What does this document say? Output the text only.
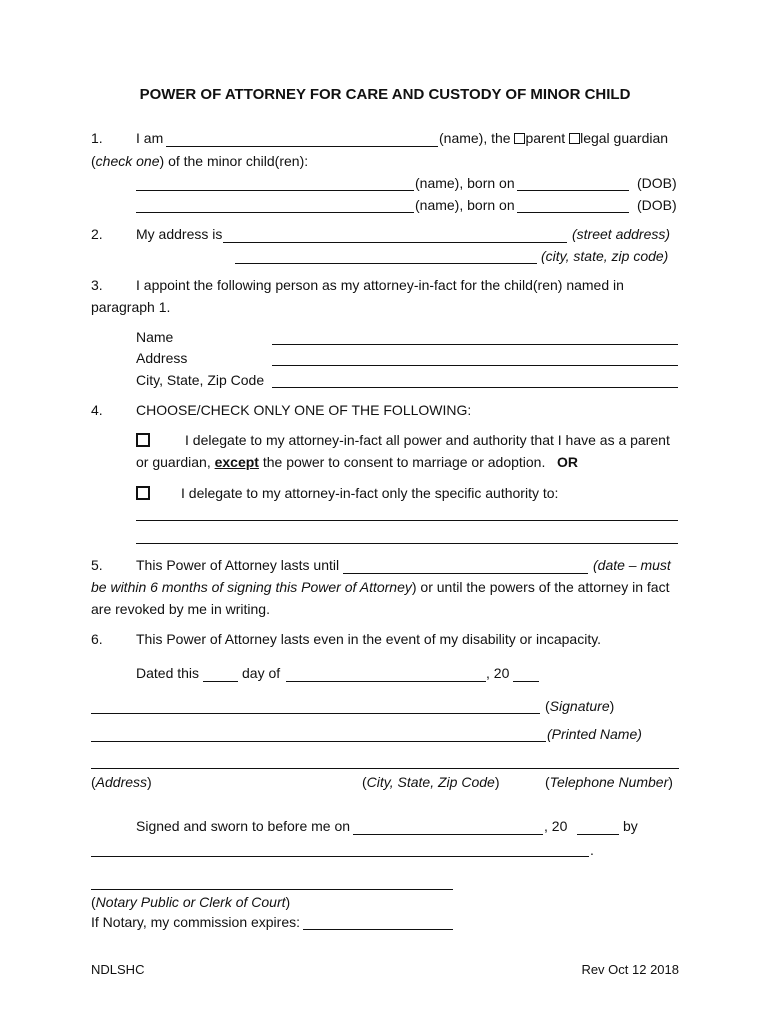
POWER OF ATTORNEY FOR CARE AND CUSTODY OF MINOR CHILD
1. I am	(name), the parent legal guardian
(check one) of the minor child(ren):
(name), born on	(DOB)
(name), born on	(DOB)
2. My address is	(street address)
(city, state, zip code)
3. I appoint the following person as my attorney-in-fact for the child(ren) named in
paragraph 1.
Name
Address
City, State, Zip Code
4. CHOOSE/CHECK ONLY ONE OF THE FOLLOWING:
I delegate to my attorney-in-fact all power and authority that I have as a parent
or guardian, except the power to consent to marriage or adoption. OR
I delegate to my attorney-in-fact only the specific authority to:
5. This Power of Attorney lasts until	(date – must
be within 6 months of signing this Power of Attorney) or until the powers of the attorney in fact
are revoked by me in writing.
6. This Power of Attorney lasts even in the event of my disability or incapacity.
Dated this	day of	, 20
(Signature)
(Printed Name)
(Address)	(City, State, Zip Code)	(Telephone Number)
Signed and sworn to before me on	, 20	by
.
(Notary Public or Clerk of Court)
If Notary, my commission expires:
NDLSHC	Rev Oct 12 2018
